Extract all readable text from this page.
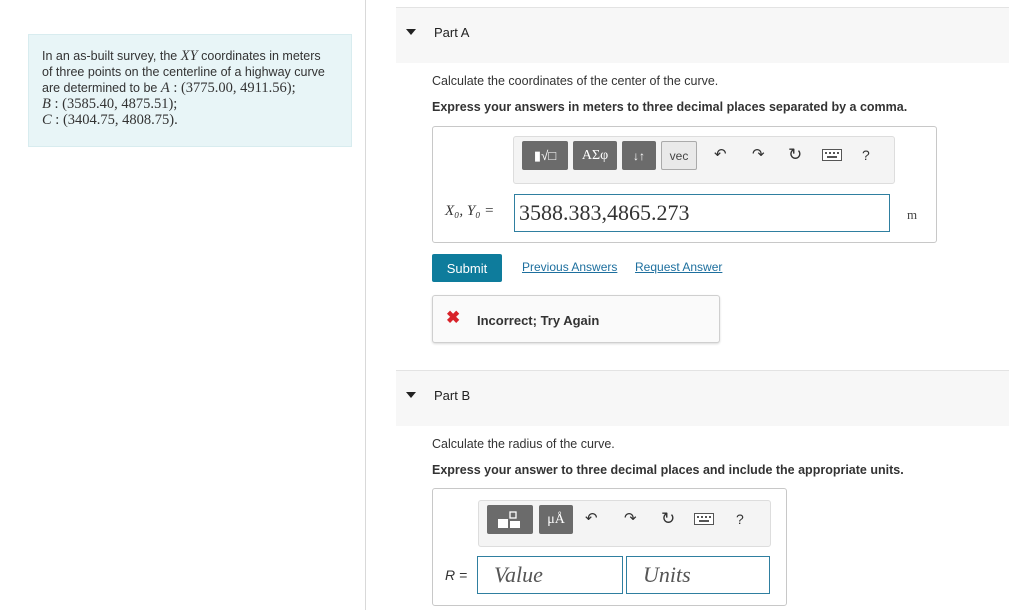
In an as-built survey, the XY coordinates in meters
of three points on the centerline of a highway curve
are determined to be A : (3775.00, 4911.56);
B : (3585.40, 4875.51);
C : (3404.75, 4808.75).
Part A
Calculate the coordinates of the center of the curve.
Express your answers in meters to three decimal places separated by a comma.
▮√□	ΑΣφ	↓↑	vec	↶ ↷ ↻	?
X₀, Y₀ = 3588.383,4865.273	m
Submit	Previous Answers Request Answer
✖ Incorrect; Try Again
Part B
Calculate the radius of the curve.
Express your answer to three decimal places and include the appropriate units.
μÅ	↶ ↷ ↻	?
R =	Value	Units
